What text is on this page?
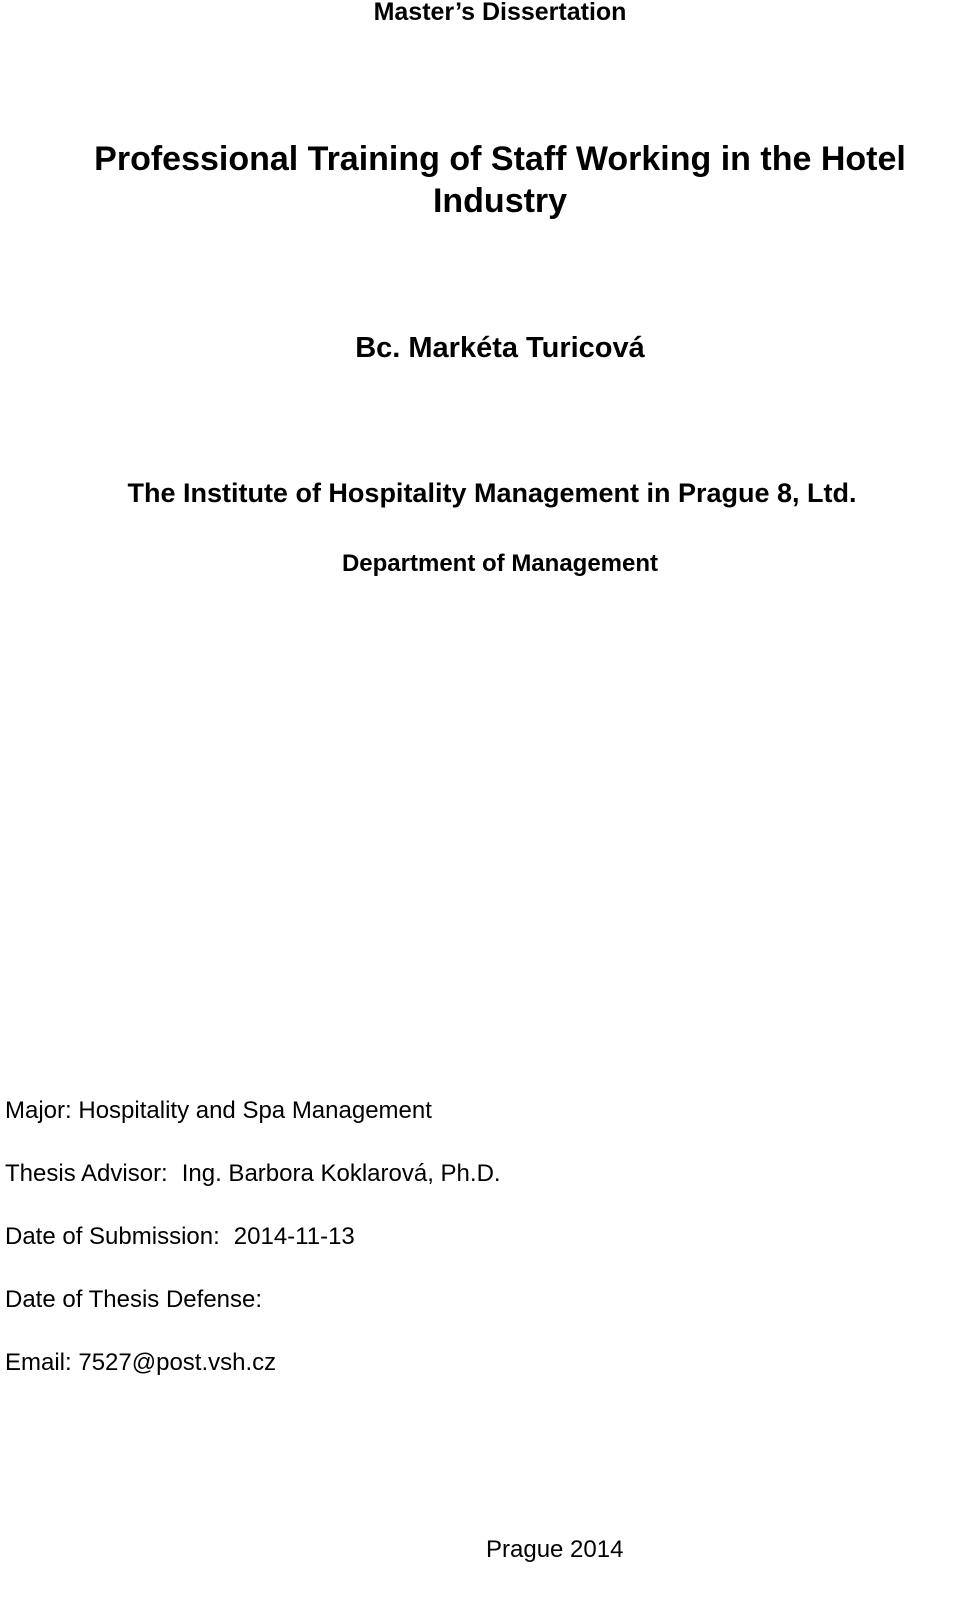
Master’s Dissertation
Professional Training of Staff Working in the Hotel
Industry
Bc. Markéta Turicová
The Institute of Hospitality Management in Prague 8, Ltd.
Department of Management
Major: Hospitality and Spa Management
Thesis Advisor: Ing. Barbora Koklarová, Ph.D.
Date of Submission: 2014-11-13
Date of Thesis Defense:
Email: 7527@post.vsh.cz
Prague 2014
